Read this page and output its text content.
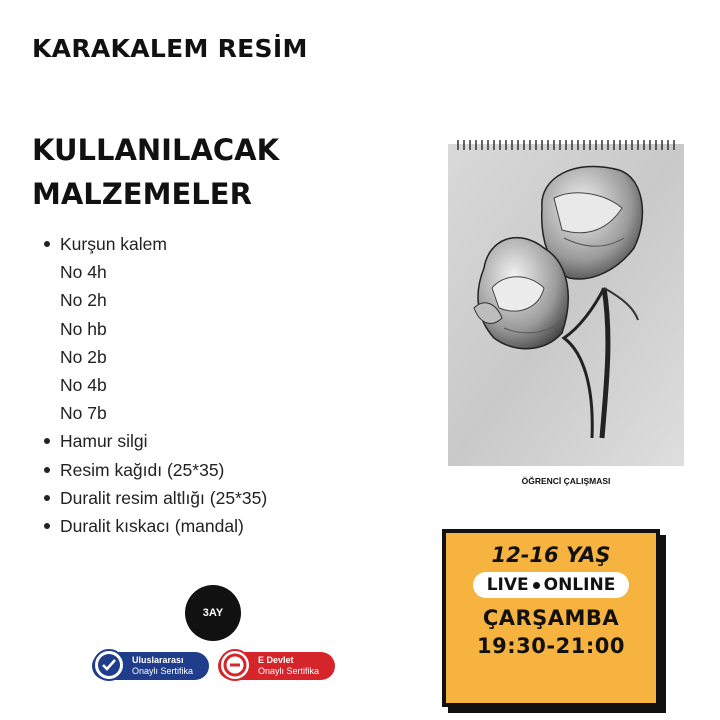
KARAKALEM RESİM
KULLANILACAK
MALZEMELER
Kurşun kalem
No 4h
No 2h
No hb
No 2b
No 4b
No 7b
Hamur silgi
Resim kağıdı (25*35)
Duralit resim altlığı (25*35)
Duralit kıskacı (mandal)
ÖĞRENCİ ÇALIŞMASI
12-16 YAŞ
LIVE ONLINE
ÇARŞAMBA
19:30-21:00
3AY
Uluslararası
Onaylı Sertifika
E Devlet
Onaylı Sertifika
